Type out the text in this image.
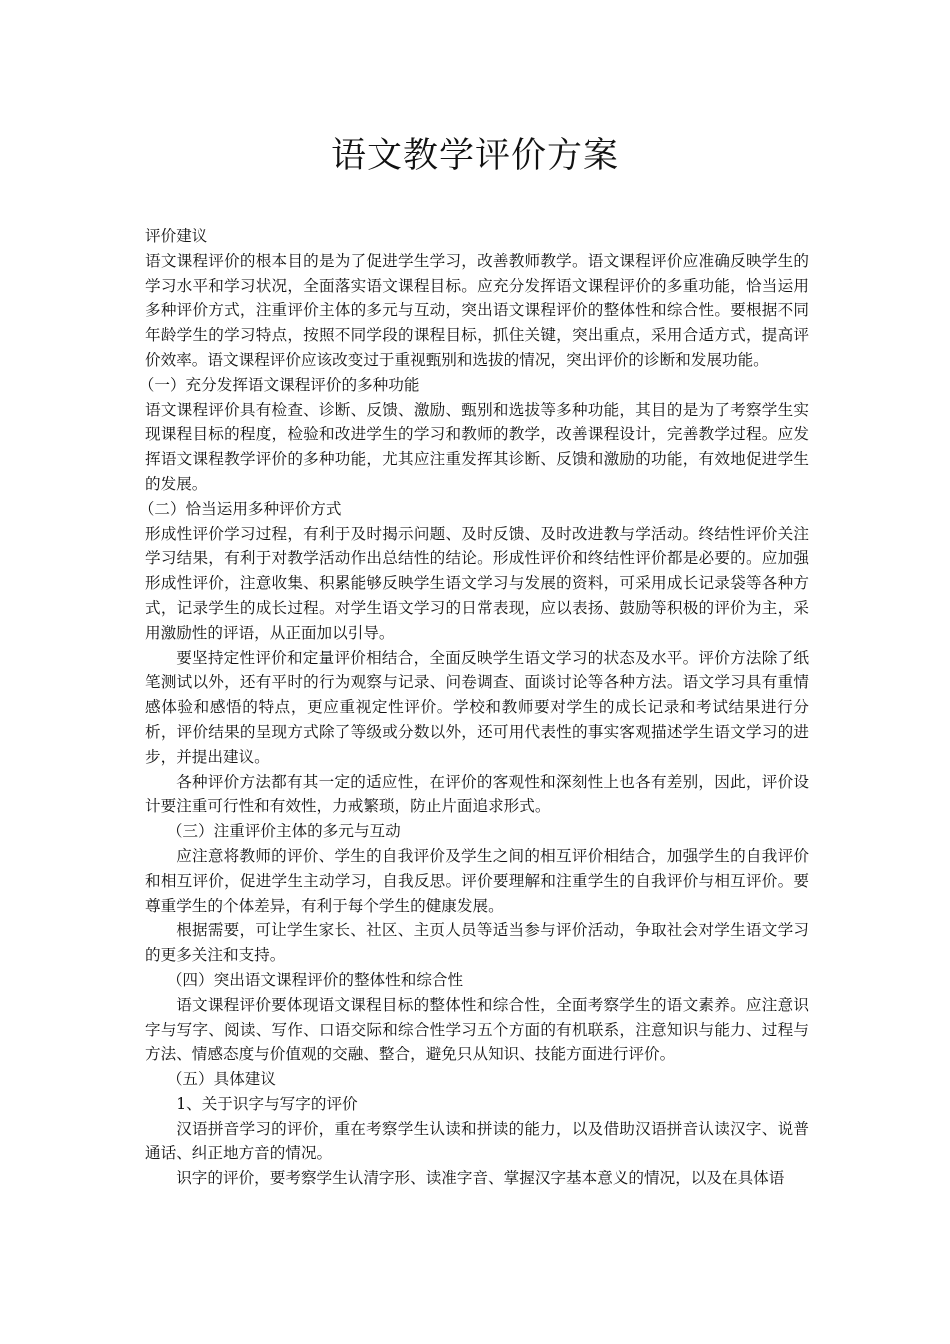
语文教学评价方案

评价建议

语文课程评价的根本目的是为了促进学生学习，改善教师教学。语文课程评价应准确反映学生的学习水平和学习状况，全面落实语文课程目标。应充分发挥语文课程评价的多重功能，恰当运用多种评价方式，注重评价主体的多元与互动，突出语文课程评价的整体性和综合性。要根据不同年龄学生的学习特点，按照不同学段的课程目标，抓住关键，突出重点，采用合适方式，提高评价效率。语文课程评价应该改变过于重视甄别和选拔的情况，突出评价的诊断和发展功能。

（一）充分发挥语文课程评价的多种功能

语文课程评价具有检查、诊断、反馈、激励、甄别和选拔等多种功能，其目的是为了考察学生实现课程目标的程度，检验和改进学生的学习和教师的教学，改善课程设计，完善教学过程。应发挥语文课程教学评价的多种功能，尤其应注重发挥其诊断、反馈和激励的功能，有效地促进学生的发展。

（二）恰当运用多种评价方式

形成性评价学习过程，有利于及时揭示问题、及时反馈、及时改进教与学活动。终结性评价关注学习结果，有利于对教学活动作出总结性的结论。形成性评价和终结性评价都是必要的。应加强形成性评价，注意收集、积累能够反映学生语文学习与发展的资料，可采用成长记录袋等各种方式，记录学生的成长过程。对学生语文学习的日常表现，应以表扬、鼓励等积极的评价为主，采用激励性的评语，从正面加以引导。

要坚持定性评价和定量评价相结合，全面反映学生语文学习的状态及水平。评价方法除了纸笔测试以外，还有平时的行为观察与记录、问卷调查、面谈讨论等各种方法。语文学习具有重情感体验和感悟的特点，更应重视定性评价。学校和教师要对学生的成长记录和考试结果进行分析，评价结果的呈现方式除了等级或分数以外，还可用代表性的事实客观描述学生语文学习的进步，并提出建议。

各种评价方法都有其一定的适应性，在评价的客观性和深刻性上也各有差别，因此，评价设计要注重可行性和有效性，力戒繁琐，防止片面追求形式。

（三）注重评价主体的多元与互动

应注意将教师的评价、学生的自我评价及学生之间的相互评价相结合，加强学生的自我评价和相互评价，促进学生主动学习，自我反思。评价要理解和注重学生的自我评价与相互评价。要尊重学生的个体差异，有利于每个学生的健康发展。

根据需要，可让学生家长、社区、主页人员等适当参与评价活动，争取社会对学生语文学习的更多关注和支持。

（四）突出语文课程评价的整体性和综合性

语文课程评价要体现语文课程目标的整体性和综合性，全面考察学生的语文素养。应注意识字与写字、阅读、写作、口语交际和综合性学习五个方面的有机联系，注意知识与能力、过程与方法、情感态度与价值观的交融、整合，避免只从知识、技能方面进行评价。

（五）具体建议

1、关于识字与写字的评价

汉语拼音学习的评价，重在考察学生认读和拼读的能力，以及借助汉语拼音认读汉字、说普通话、纠正地方音的情况。

识字的评价，要考察学生认清字形、读准字音、掌握汉字基本意义的情况，以及在具体语
